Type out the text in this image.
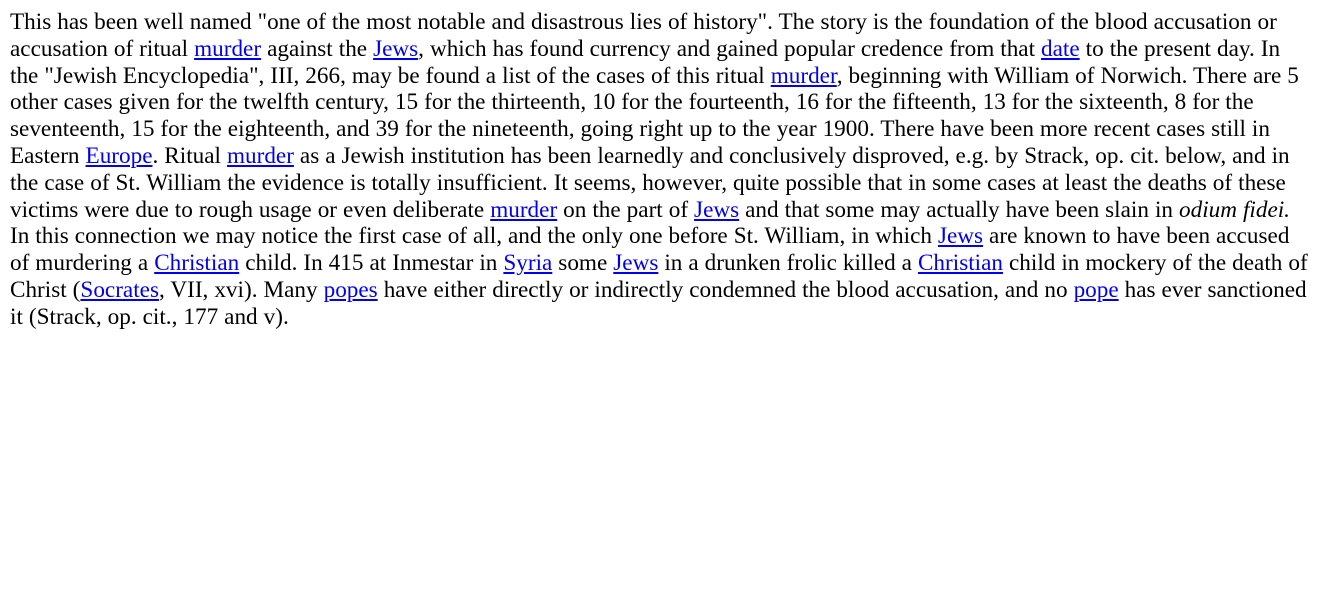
This has been well named "one of the most notable and disastrous lies of history". The story is the foundation of the blood accusation or accusation of ritual murder against the Jews, which has found currency and gained popular credence from that date to the present day. In the "Jewish Encyclopedia", III, 266, may be found a list of the cases of this ritual murder, beginning with William of Norwich. There are 5 other cases given for the twelfth century, 15 for the thirteenth, 10 for the fourteenth, 16 for the fifteenth, 13 for the sixteenth, 8 for the seventeenth, 15 for the eighteenth, and 39 for the nineteenth, going right up to the year 1900. There have been more recent cases still in Eastern Europe. Ritual murder as a Jewish institution has been learnedly and conclusively disproved, e.g. by Strack, op. cit. below, and in the case of St. William the evidence is totally insufficient. It seems, however, quite possible that in some cases at least the deaths of these victims were due to rough usage or even deliberate murder on the part of Jews and that some may actually have been slain in odium fidei. In this connection we may notice the first case of all, and the only one before St. William, in which Jews are known to have been accused of murdering a Christian child. In 415 at Inmestar in Syria some Jews in a drunken frolic killed a Christian child in mockery of the death of Christ (Socrates, VII, xvi). Many popes have either directly or indirectly condemned the blood accusation, and no pope has ever sanctioned it (Strack, op. cit., 177 and v).
